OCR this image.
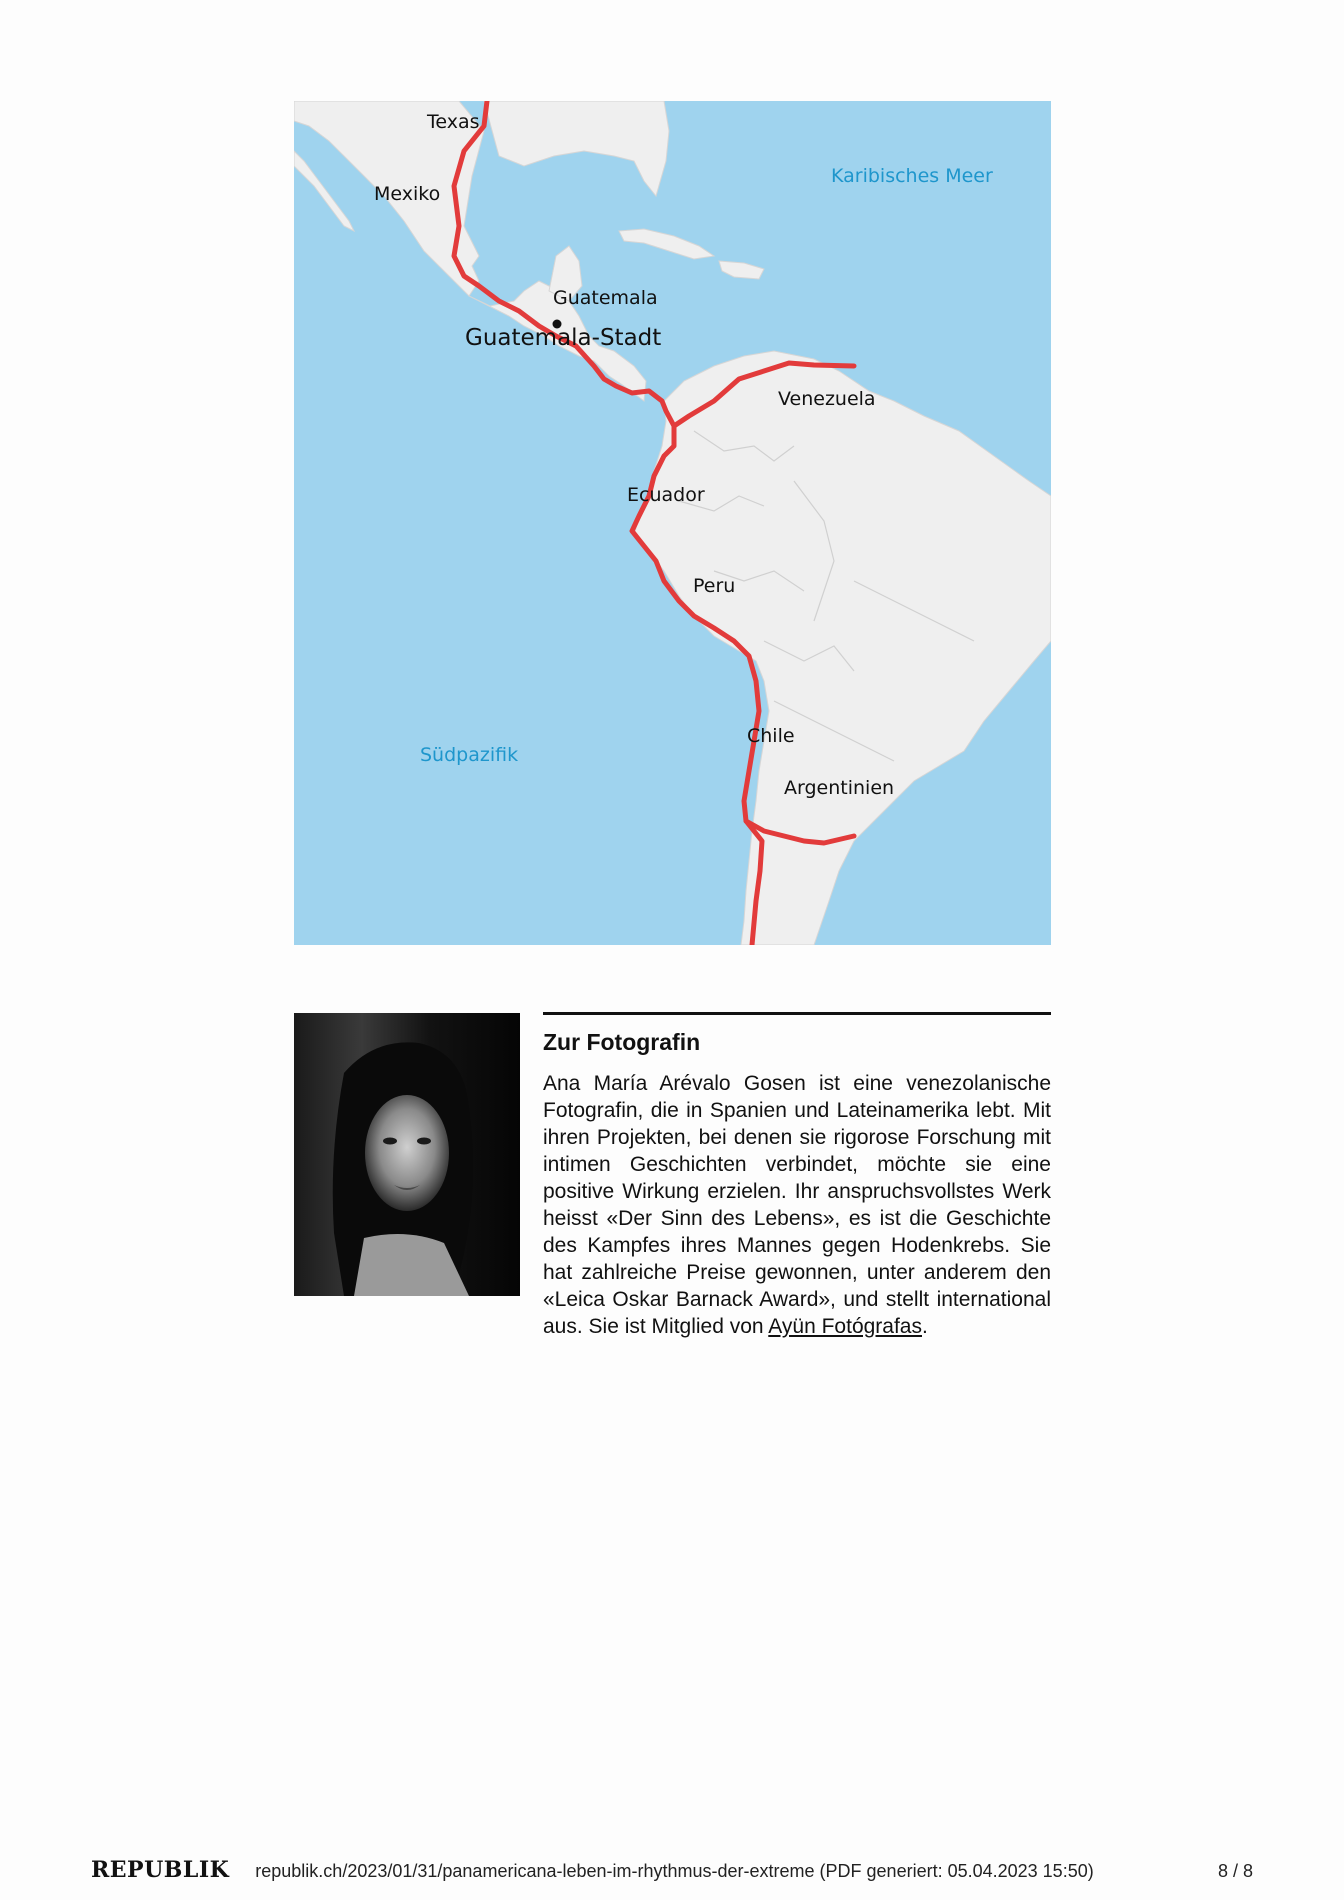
Texas
Mexiko
Karibisches Meer
Guatemala
Guatemala-Stadt
Venezuela
Ecuador
Peru
Chile
Südpazifik
Argentinien
Zur Fotografin
Ana María Arévalo Gosen ist eine venezolanische Fotografin, die in Spanien und Lateinamerika lebt. Mit ihren Projekten, bei denen sie rigorose Forschung mit intimen Geschichten verbindet, möchte sie eine positive Wirkung erzielen. Ihr anspruchsvollstes Werk heisst «Der Sinn des Lebens», es ist die Geschichte des Kampfes ihres Mannes gegen Hodenkrebs. Sie hat zahlreiche Preise gewonnen, unter anderem den «Leica Oskar Barnack Award», und stellt international aus. Sie ist Mitglied von Ayün Fotógrafas.
REPUBLIK republik.ch/2023/01/31/panamericana-leben-im-rhythmus-der-extreme (PDF generiert: 05.04.2023 15:50)	8 / 8
